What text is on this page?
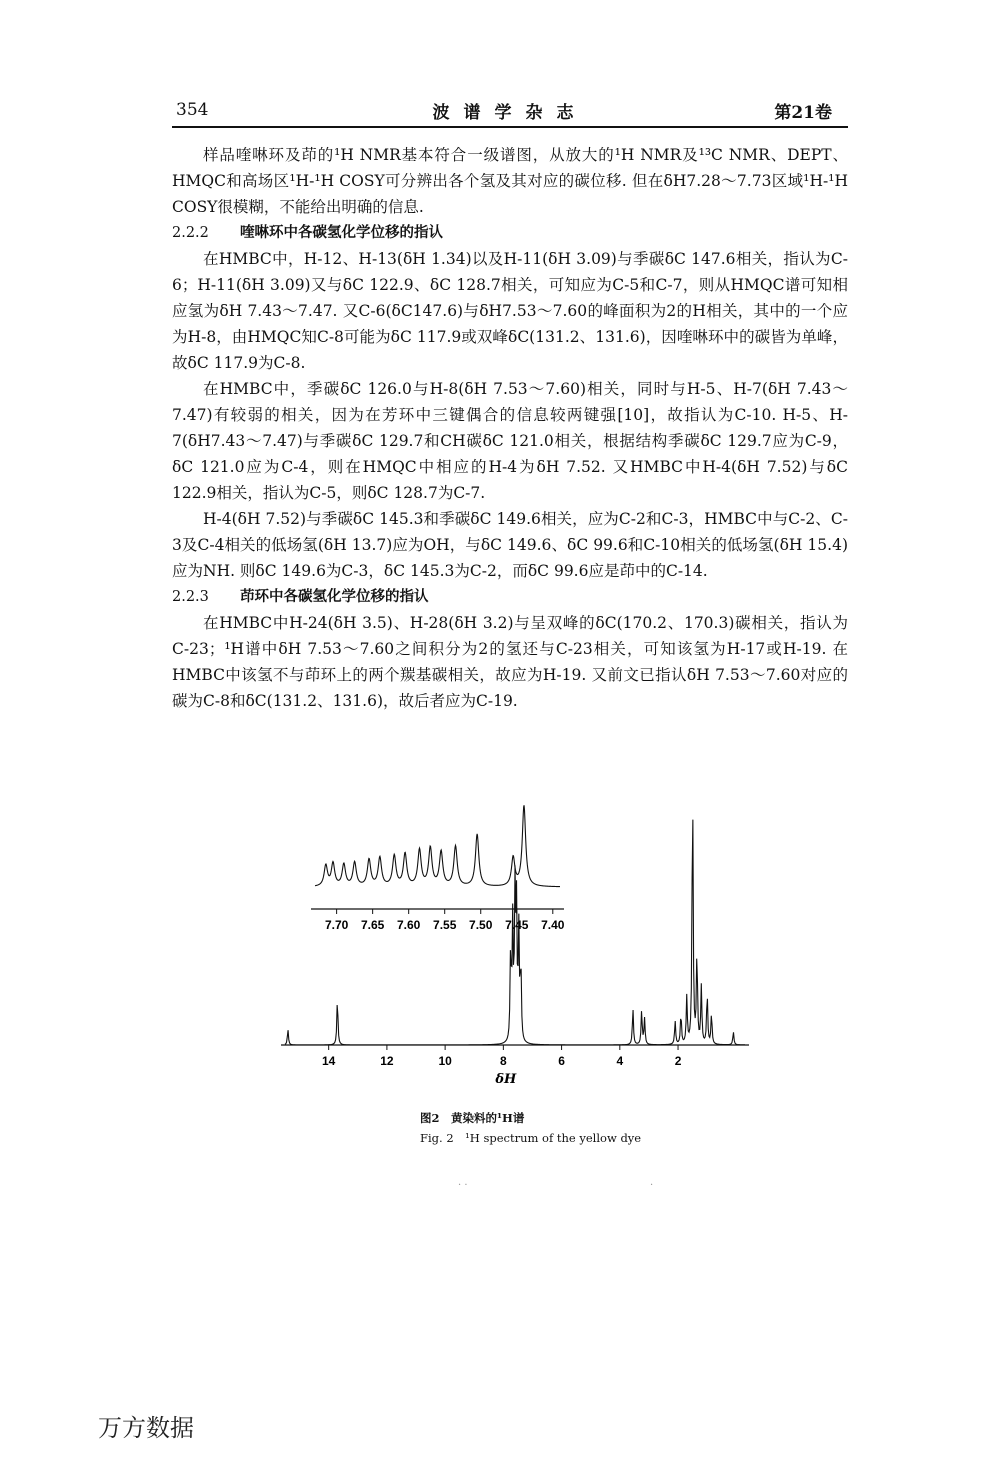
354	波谱学杂志	第21卷

样品喹啉环及茚的¹H NMR基本符合一级谱图，从放大的¹H NMR及¹³C NMR、DEPT、HMQC和高场区¹H-¹H COSY可分辨出各个氢及其对应的碳位移. 但在δH7.28～7.73区域¹H-¹H COSY很模糊，不能给出明确的信息.

2.2.2 喹啉环中各碳氢化学位移的指认

在HMBC中，H-12、H-13(δH 1.34)以及H-11(δH 3.09)与季碳δC 147.6相关，指认为C-6；H-11(δH 3.09)又与δC 122.9、δC 128.7相关，可知应为C-5和C-7，则从HMQC谱可知相应氢为δH 7.43～7.47. 又C-6(δC147.6)与δH7.53～7.60的峰面积为2的H相关，其中的一个应为H-8，由HMQC知C-8可能为δC 117.9或双峰δC(131.2、131.6)，因喹啉环中的碳皆为单峰，故δC 117.9为C-8.

在HMBC中，季碳δC 126.0与H-8(δH 7.53～7.60)相关，同时与H-5、H-7(δH 7.43～7.47)有较弱的相关，因为在芳环中三键偶合的信息较两键强[10]，故指认为C-10. H-5、H-7(δH7.43～7.47)与季碳δC 129.7和CH碳δC 121.0相关，根据结构季碳δC 129.7应为C-9，δC 121.0应为C-4，则在HMQC中相应的H-4为δH 7.52. 又HMBC中H-4(δH 7.52)与δC 122.9相关，指认为C-5，则δC 128.7为C-7.

H-4(δH 7.52)与季碳δC 145.3和季碳δC 149.6相关，应为C-2和C-3，HMBC中与C-2、C-3及C-4相关的低场氢(δH 13.7)应为OH，与δC 149.6、δC 99.6和C-10相关的低场氢(δH 15.4)应为NH. 则δC 149.6为C-3，δC 145.3为C-2，而δC 99.6应是茚中的C-14.

2.2.3 茚环中各碳氢化学位移的指认

在HMBC中H-24(δH 3.5)、H-28(δH 3.2)与呈双峰的δC(170.2、170.3)碳相关，指认为C-23；¹H谱中δH 7.53～7.60之间积分为2的氢还与C-23相关，可知该氢为H-17或H-19. 在HMBC中该氢不与茚环上的两个羰基碳相关，故应为H-19. 又前文已指认δH 7.53～7.60对应的碳为C-8和δC(131.2、131.6)，故后者应为C-19.

7.70 7.65 7.60 7.55 7.50 7.45 7.40
14	12	10	8	6	4	2
δH
图2　黄染料的¹H谱
Fig. 2　¹H spectrum of the yellow dye
· ·	·
万方数据
